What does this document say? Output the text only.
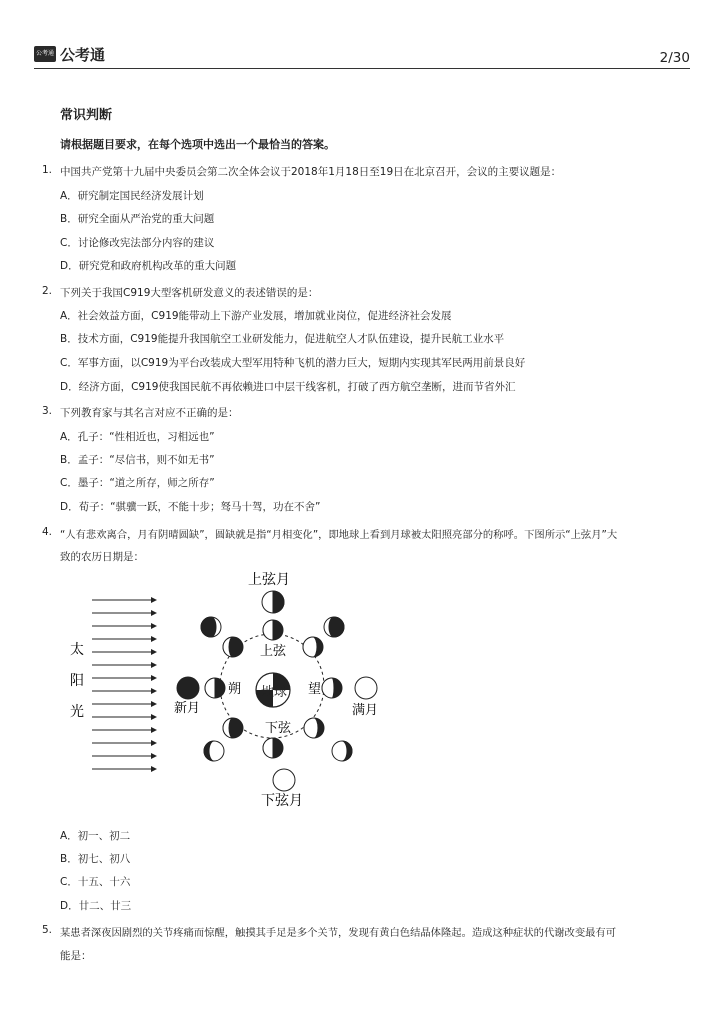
公考通 公考通	2/30
常识判断
请根据题目要求，在每个选项中选出一个最恰当的答案。
1. 中国共产党第十九届中央委员会第二次全体会议于2018年1月18日至19日在北京召开，会议的主要议题是：
A．研究制定国民经济发展计划
B．研究全面从严治党的重大问题
C．讨论修改宪法部分内容的建议
D．研究党和政府机构改革的重大问题
2. 下列关于我国C919大型客机研发意义的表述错误的是：
A．社会效益方面，C919能带动上下游产业发展，增加就业岗位，促进经济社会发展
B．技术方面，C919能提升我国航空工业研发能力，促进航空人才队伍建设，提升民航工业水平
C．军事方面，以C919为平台改装成大型军用特种飞机的潜力巨大，短期内实现其军民两用前景良好
D．经济方面，C919使我国民航不再依赖进口中层干线客机，打破了西方航空垄断，进而节省外汇
3. 下列教育家与其名言对应不正确的是：
A．孔子：“性相近也，习相远也”
B．孟子：“尽信书，则不如无书”
C．墨子：“道之所存，师之所存”
D．荀子：“骐骥一跃，不能十步；驽马十驾，功在不舍”
4. “人有悲欢离合，月有阴晴圆缺”，圆缺就是指“月相变化”，即地球上看到月球被太阳照亮部分的称呼。下图所示“上弦月”大
致的农历日期是：
太
阳
光
地球
上弦月
下弦月
新月	满月
上弦
下弦
朔	望
A．初一、初二
B．初七、初八
C．十五、十六
D．廿二、廿三
5. 某患者深夜因剧烈的关节疼痛而惊醒，触摸其手足是多个关节，发现有黄白色结晶体隆起。造成这种症状的代谢改变最有可
能是：
